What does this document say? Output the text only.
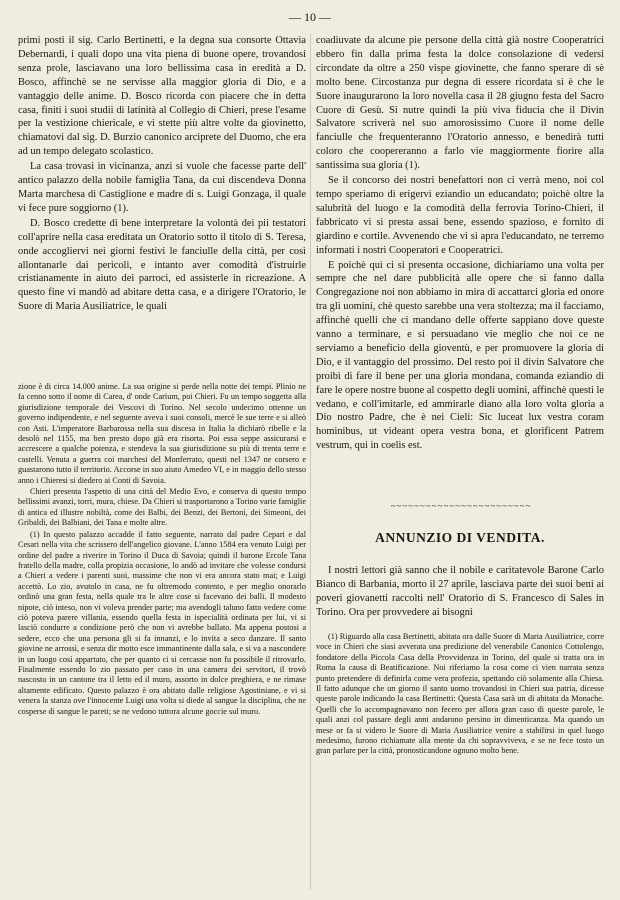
— 10 —

primi posti il sig. Carlo Bertinetti, e la degna sua consorte Ottavia Debernardi, i quali dopo una vita piena di buone opere, trovandosi senza prole, lasciavano una loro bellissima casa in eredità a D. Bosco, affinchè se ne servisse alla maggior gloria di Dio, e a vantaggio delle anime. D. Bosco ricorda con piacere che in detta casa, finiti i suoi studii di latinità al Collegio di Chieri, prese l'esame per la vestizione chiericale, e vi stette più altre volte da giovinetto, chiamatovi dal sig. D. Burzio canonico arciprete del Duomo, che era ad un tempo delegato scolastico.

La casa trovasi in vicinanza, anzi si vuole che facesse parte dell' antico palazzo della nobile famiglia Tana, da cui discendeva Donna Marta marchesa di Castiglione e madre di s. Luigi Gonzaga, il quale vi fece pure soggiorno (1).

D. Bosco credette di bene interpretare la volontà dei pii testatori coll'aprire nella casa ereditata un Oratorio sotto il titolo di S. Teresa, onde accogliervi nei giorni festivi le fanciulle della città, per così allontanarle dai pericoli, e intanto aver comodità d'istruirle cristianamente in aiuto dei parroci, ed assisterle in ricreazione. A questo fine vi mandò ad abitare detta casa, e a dirigere l'Oratorio, le Suore di Maria Ausiliatrice, le quali

zione è di circa 14.000 anime. La sua origine si perde nella notte dei tempi. Plinio ne fa cenno sotto il nome di Carea, d' onde Carium, poi Chieri. Fu un tempo soggetta alla giurisdizione temporale dei Vescovi di Torino. Nel secolo undecimo ottenne un governo indipendente, e nel seguente aveva i suoi consoli, mercè le sue terre e si alleò con Asti. L'imperatore Barbarossa nella sua discesa in Italia la dichiarò ribelle e la desolò nel 1155, ma ben presto dopo già era risorta. Poi essa seppe assicurarsi e accrescere a qualche potenza, e stendeva la sua giurisdizione su più di trenta terre e castelli. Venuta a guerra coi marchesi del Monferrato, questi nel 1347 ne corsero e guastarono tutto il territorio. Accorse in suo aiuto Amedeo VI, e in maggio dello stesso anno i Chieresi si diedero ai Conti di Savoia.

Chieri presenta l'aspetto di una città del Medio Evo, e conserva di questo tempo bellissimi avanzi, torri, mura, chiese. Da Chieri si trasportarono a Torino varie famiglie di antica ed illustre nobiltà, come dei Balbi, dei Benzi, dei Bertoni, dei Simeoni, dei Gribaldi, dei Balbiani, dei Tana e molte altre.

(1) In questo palazzo accadde il fatto seguente, narrato dal padre Cepari e dal Cesari nella vita che scrissero dell'angelico giovane. L'anno 1584 era venuto Luigi per ordine del padre a riverire in Torino il Duca di Savoia; quindi il barone Ercole Tana fratello della madre, colla propizia occasione, lo andò ad invitare che volesse condursi a Chieri a vedere i parenti suoi, massime che non vi era ancora stato mai; e Luigi accettò. Lo zio, avutolo in casa, ne fu oltremodo contento, e per meglio onorarlo ordinò una gran festa, nella quale tra le altre cose si facevano dei balli. Il modesto nipote, ciò inteso, non vi voleva prender parte; ma avendogli taluno fatto vedere come ciò poteva parere villania, essendo quella festa in ispecialità ordinata per lui, vi si lasciò condurre a condizione però che non vi avrebbe ballato. Ma appena postosi a sedere, ecco che una persona gli si fa innanzi, e lo invita a seco danzare. Il santo giovine ne arrossì, e senza dir motto esce immantinente dalla sala, e si va a nascondere in un luogo così appartato, che per quanto ci si cercasse non fu possibile il ritrovarlo. Finalmente essendo lo zio passato per caso in una camera dei servitori, il trovò nascosto in un cantone tra il letto ed il muro, assorto in dolce preghiera, e ne rimase altamente edificato. Questo palazzo è ora abitato dalle religiose Agostiniane, e vi si venera la stanza ove l'innocente Luigi una volta si diede al sangue la disciplina, che ne cosperse di sangue le pareti; se ne vedono tuttora alcune goccie sul muro.

coadiuvate da alcune pie persone della città già nostre Cooperatrici ebbero fin dalla prima festa la dolce consolazione di vedersi circondate da oltre a 250 vispe giovinette, che fanno sperare di sè molto bene. Circostanza pur degna di essere ricordata si è che le Suore inaugurarono la loro novella casa il 28 giugno festa del Sacro Cuore di Gesù. Si nutre quindi la più viva fiducia che il Divin Salvatore scriverà nel suo amorosissimo Cuore il nome delle fanciulle che frequenteranno l'Oratorio annesso, e benedirà tutti coloro che coopereranno a farlo vie maggiormente fiorire alla santissima sua gloria (1).

Se il concorso dei nostri benefattori non ci verrà meno, noi col tempo speriamo di erigervi eziandio un educandato; poichè oltre la salubrità del luogo e la comodità della ferrovia Torino-Chieri, il fabbricato vi si presta assai bene, essendo spazioso, e fornito di giardino e cortile. Avvenendo che vi si apra l'educandato, ne terremo informati i nostri Cooperatori e Cooperatrici.

E poichè qui ci si presenta occasione, dichiariamo una volta per sempre che nel dare pubblicità alle opere che si fanno dalla Congregazione noi non abbiamo in mira di accattarci gloria ed onore tra gli uomini, chè questo sarebbe una vera stoltezza; ma il facciamo, affinchè quelli che ci mandano delle offerte sappiano dove queste vanno a terminare, e si persuadano vie meglio che noi ce ne serviamo a beneficio della gioventù, e per promuovere la gloria di Dio, e il vantaggio del prossimo. Del resto poi il divin Salvatore che proibì di fare il bene per una gloria mondana, comanda eziandio di fare le opere nostre buone al cospetto degli uomini, affinchè questi le vedano, e coll'imitarle, ed ammirarle diano alla loro volta gloria a Dio nostro Padre, che è nei Cieli: Sic luceat lux vestra coram hominibus, ut videant opera vestra bona, et glorificent Patrem vestrum, qui in coelis est.

~~~~~~~~~~~~~~~~~~~~~~~~
ANNUNZIO DI VENDITA.

I nostri lettori già sanno che il nobile e caritatevole Barone Carlo Bianco di Barbania, morto il 27 aprile, lasciava parte dei suoi beni ai poveri giovanetti raccolti nell' Oratorio di S. Francesco di Sales in Torino. Ora per provvedere ai bisogni

(1) Riguardo alla casa Bertinetti, abitata ora dalle Suore di Maria Ausiliatrice, corre voce in Chieri che siasi avverata una predizione del venerabile Canonico Cottolengo, fondatore della Piccola Casa della Provvidenza in Torino, del quale si tratta ora in Roma la causa di Beatificazione. Noi riferiamo la cosa come ci vien narrata senza punto pretendere di definirla come vera profezia, spettando ciò solamente alla Chiesa. Il fatto adunque che un giorno il santo uomo trovandosi in Chieri sua patria, dicesse queste parole indicando la casa Bertinetti: Questa Casa sarà un di abitata da Monache. Quelli che lo accompagnavano non fecero per allora gran caso di queste parole, le quali anzi col passare degli anni andarono persino in dimenticanza. Ma quando un mese or fa si videro le Suore di Maria Ausiliatrice venire a stabilirsi in quel luogo medesimo, furono richiamate alla mente da chi sopravviveva, e se ne fece tosto un gran parlare per la città, pronosticandone ognuno molto bene.
